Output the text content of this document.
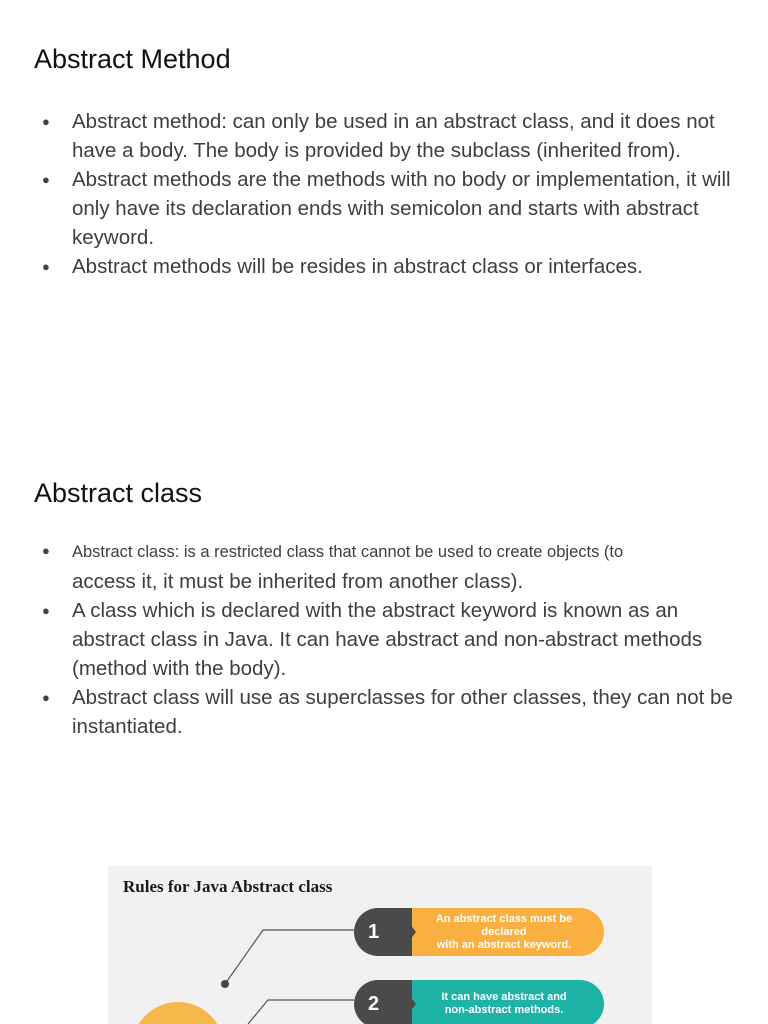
Abstract Method
● Abstract method: can only be used in an abstract class, and it does not have a body. The body is provided by the subclass (inherited from).
● Abstract methods are the methods with no body or implementation, it will only have its declaration ends with semicolon and starts with abstract keyword.
● Abstract methods will be resides in abstract class or interfaces.
Abstract class
● Abstract class: is a restricted class that cannot be used to create objects (to
access it, it must be inherited from another class).
● A class which is declared with the abstract keyword is known as an abstract class in Java. It can have abstract and non-abstract methods (method with the body).
● Abstract class will use as superclasses for other classes, they can not be instantiated.
Rules for Java Abstract class
An abstract class must be declared
with an abstract keyword.
1
It can have abstract and
non-abstract methods.
2
